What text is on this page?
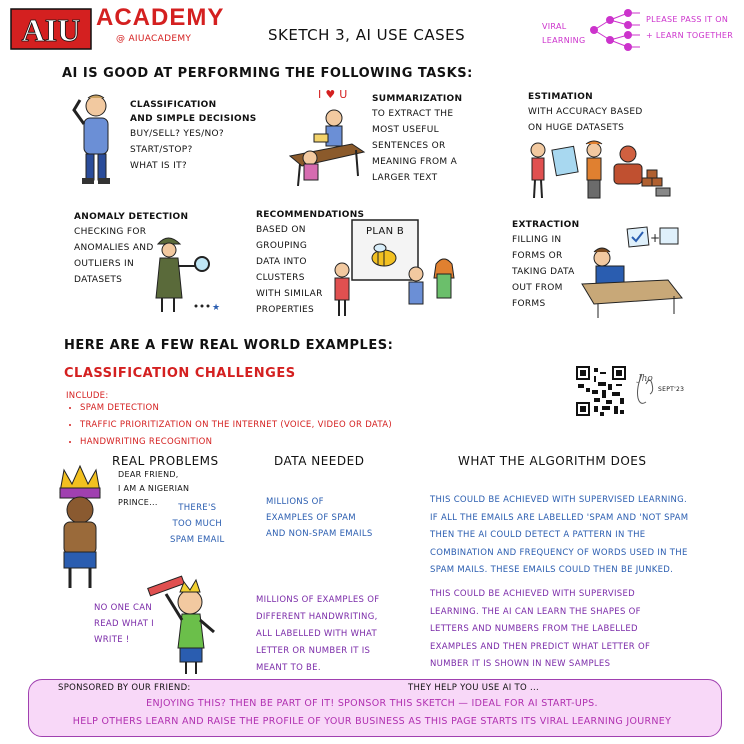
AIU ACADEMY
@ AIUACADEMY	SKETCH 3, AI USE CASES	VIRAL
LEARNING
PLEASE PASS IT ON
+ LEARN TOGETHER
AI IS GOOD AT PERFORMING THE FOLLOWING TASKS:
CLASSIFICATION
AND SIMPLE DECISIONS
BUY/SELL? YES/NO?
START/STOP?
WHAT IS IT?
I ♥ U	SUMMARIZATION
TO EXTRACT THE
MOST USEFUL
SENTENCES OR
MEANING FROM A
LARGER TEXT
ESTIMATION
WITH ACCURACY BASED
ON HUGE DATASETS
ANOMALY DETECTION
CHECKING FOR
ANOMALIES AND
OUTLIERS IN
DATASETS
★
RECOMMENDATIONS
BASED ON
GROUPING
DATA INTO
CLUSTERS
WITH SIMILAR
PROPERTIES
PLAN B
EXTRACTION
FILLING IN
FORMS OR
TAKING DATA
OUT FROM
FORMS
+
HERE ARE A FEW REAL WORLD EXAMPLES:
CLASSIFICATION CHALLENGES
INCLUDE:
• SPAM DETECTION
• TRAFFIC PRIORITIZATION ON THE INTERNET (VOICE, VIDEO OR DATA)
• HANDWRITING RECOGNITION
Jho
SEPT'23
REAL PROBLEMS	DATA NEEDED	WHAT THE ALGORITHM DOES
DEAR FRIEND,
I AM A NIGERIAN
PRINCE...
THERE'S
TOO MUCH
SPAM EMAIL
MILLIONS OF
EXAMPLES OF SPAM
AND NON-SPAM EMAILS
THIS COULD BE ACHIEVED WITH SUPERVISED LEARNING.
IF ALL THE EMAILS ARE LABELLED 'SPAM AND 'NOT SPAM
THEN THE AI COULD DETECT A PATTERN IN THE
COMBINATION AND FREQUENCY OF WORDS USED IN THE
SPAM MAILS. THESE EMAILS COULD THEN BE JUNKED.
NO ONE CAN
READ WHAT I
WRITE !
MILLIONS OF EXAMPLES OF
DIFFERENT HANDWRITING,
ALL LABELLED WITH WHAT
LETTER OR NUMBER IT IS
MEANT TO BE.
THIS COULD BE ACHIEVED WITH SUPERVISED
LEARNING. THE AI CAN LEARN THE SHAPES OF
LETTERS AND NUMBERS FROM THE LABELLED
EXAMPLES AND THEN PREDICT WHAT LETTER OF
NUMBER IT IS SHOWN IN NEW SAMPLES
SPONSORED BY OUR FRIEND:	THEY HELP YOU USE AI TO ...
ENJOYING THIS? THEN BE PART OF IT! SPONSOR THIS SKETCH — IDEAL FOR AI START-UPS.
HELP OTHERS LEARN AND RAISE THE PROFILE OF YOUR BUSINESS AS THIS PAGE STARTS ITS VIRAL LEARNING JOURNEY
